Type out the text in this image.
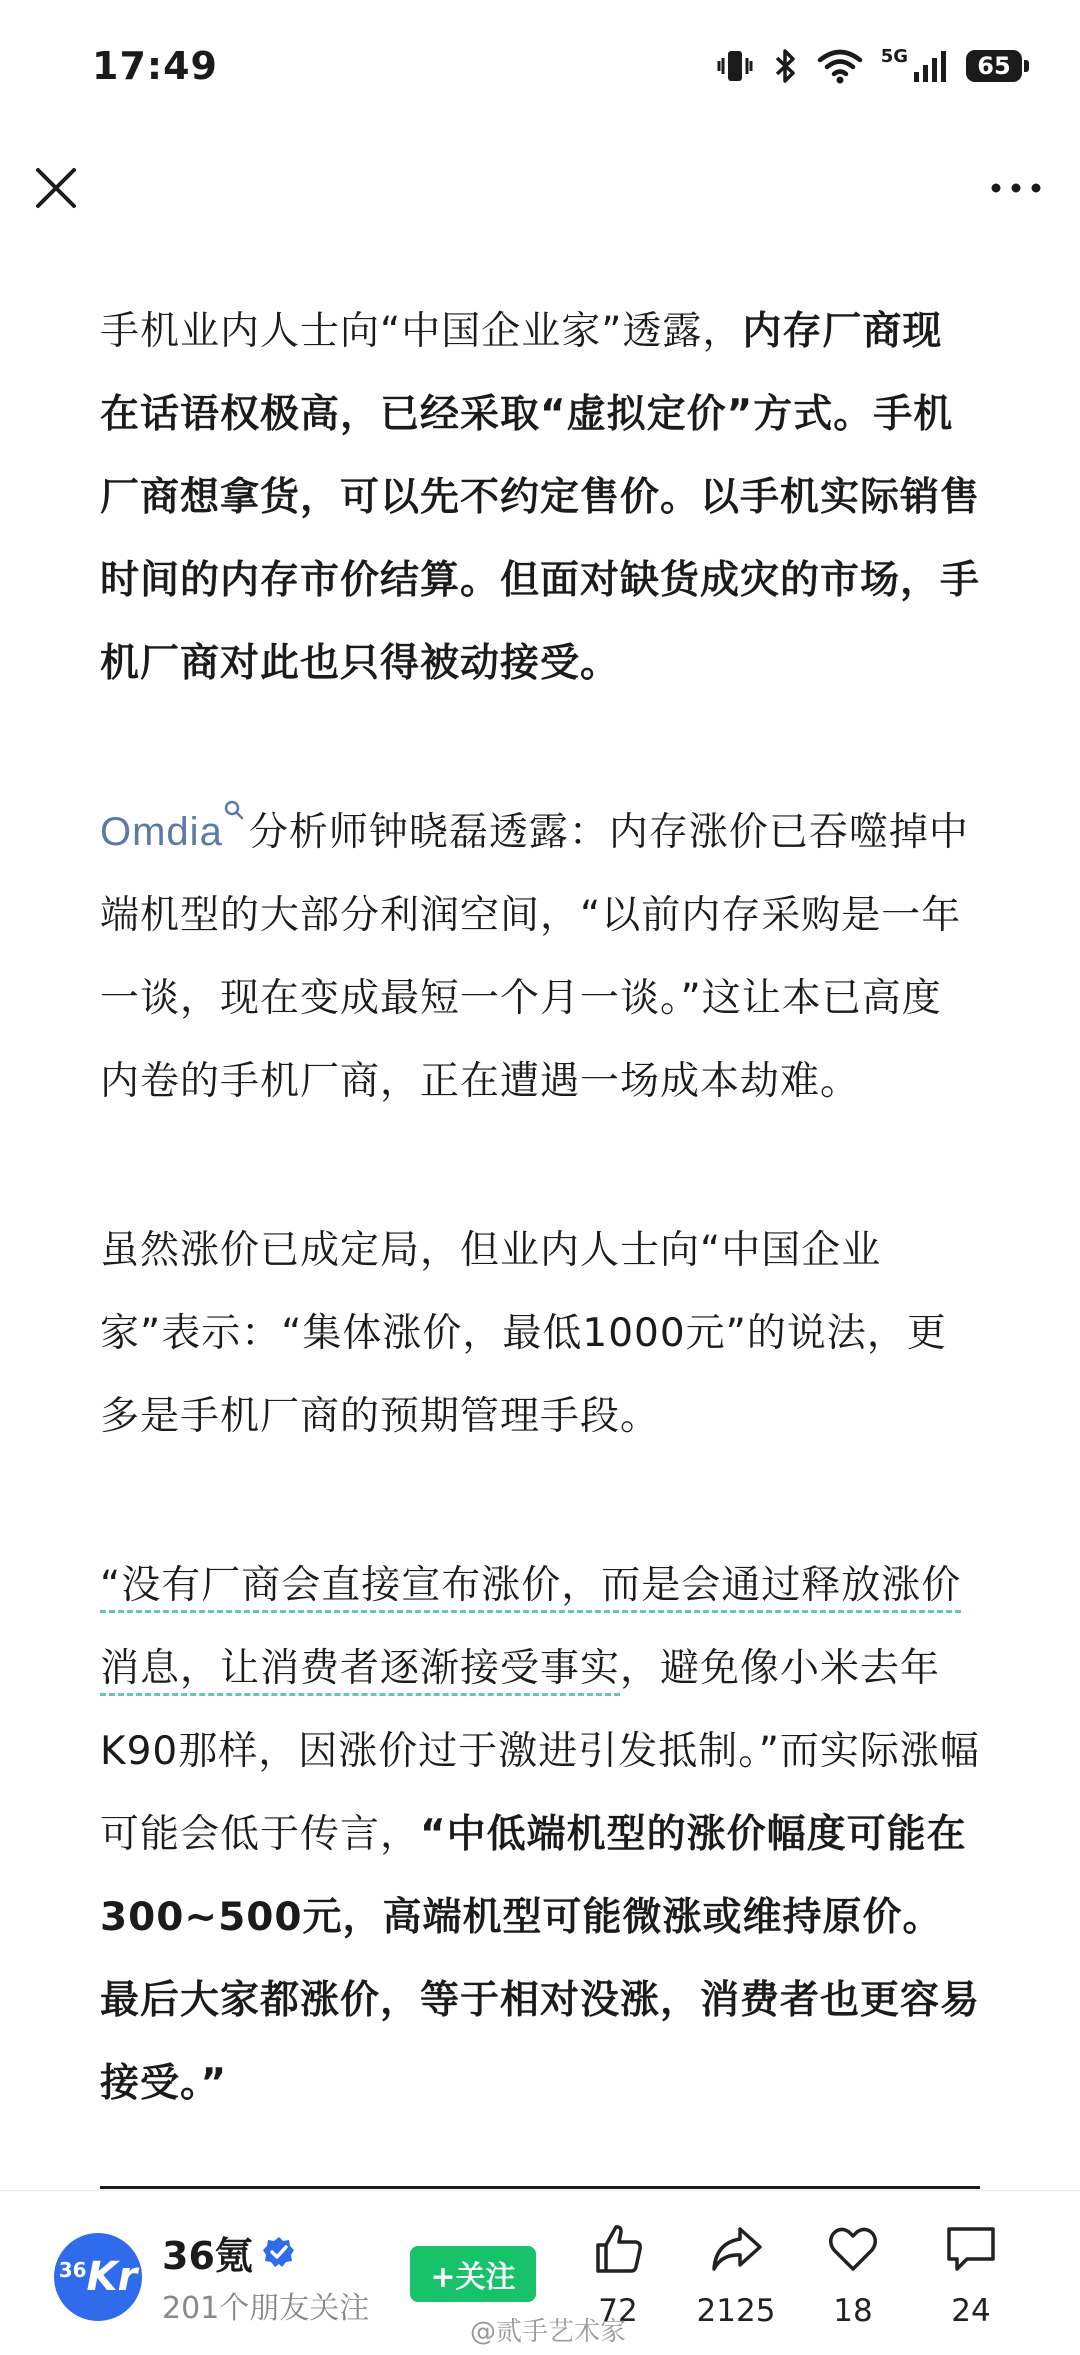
17:49	5G	65

手机业内人士向“中国企业家”透露，内存厂商现在话语权极高，已经采取“虚拟定价”方式。手机厂商想拿货，可以先不约定售价。以手机实际销售时间的内存市价结算。但面对缺货成灾的市场，手机厂商对此也只得被动接受。

Omdia 分析师钟晓磊透露：内存涨价已吞噬掉中端机型的大部分利润空间，“以前内存采购是一年一谈，现在变成最短一个月一谈。”这让本已高度内卷的手机厂商，正在遭遇一场成本劫难。

虽然涨价已成定局，但业内人士向“中国企业家”表示：“集体涨价，最低1000元”的说法，更多是手机厂商的预期管理手段。

“没有厂商会直接宣布涨价，而是会通过释放涨价消息，让消费者逐渐接受事实，避免像小米去年K90那样，因涨价过于激进引发抵制。”而实际涨幅可能会低于传言，“中低端机型的涨价幅度可能在300~500元，高端机型可能微涨或维持原价。最后大家都涨价，等于相对没涨，消费者也更容易接受。”

36 Kr 36氪
201个朋友关注
+关注
72	2125	18	24
@贰手艺术家
